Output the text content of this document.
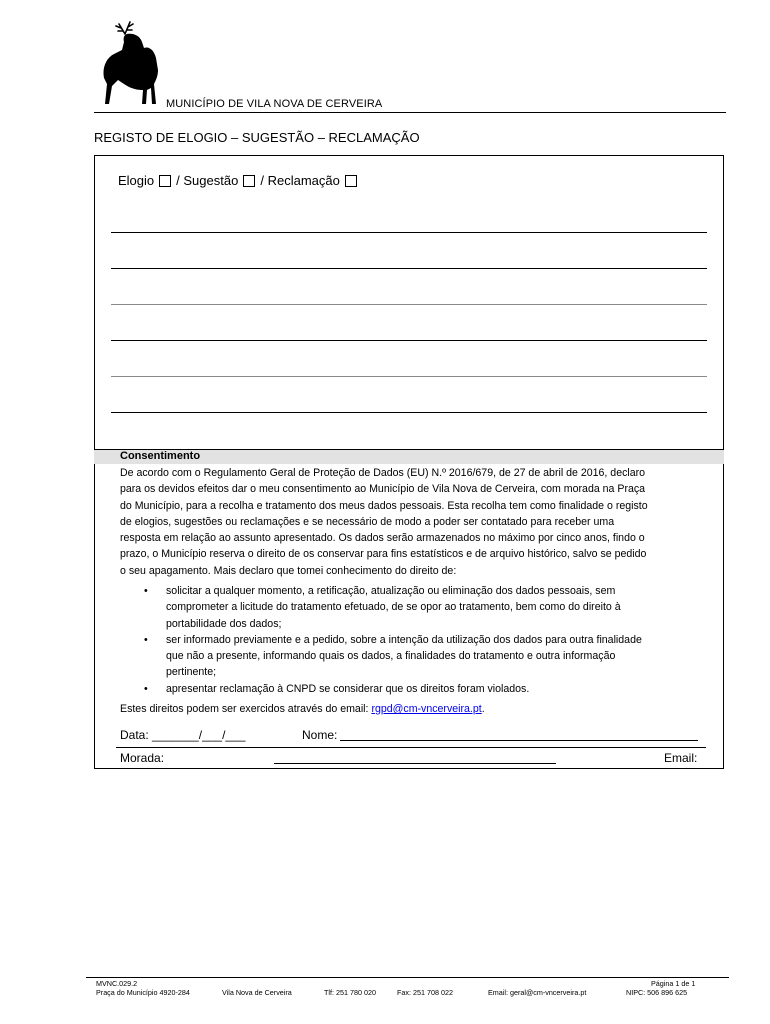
MUNICÍPIO DE VILA NOVA DE CERVEIRA
REGISTO DE ELOGIO – SUGESTÃO – RECLAMAÇÃO
Elogio /
Sugestão /
Reclamação
Consentimento
De acordo com o Regulamento Geral de Proteção de Dados (EU) N.º 2016/679, de 27 de abril de 2016, declaro
para os devidos efeitos dar o meu consentimento ao Município de Vila Nova de Cerveira, com morada na Praça
do Município, para a recolha e tratamento dos meus dados pessoais. Esta recolha tem como finalidade o registo
de elogios, sugestões ou reclamações e se necessário de modo a poder ser contatado para receber uma
resposta em relação ao assunto apresentado. Os dados serão armazenados no máximo por cinco anos, findo o
prazo, o Município reserva o direito de os conservar para fins estatísticos e de arquivo histórico, salvo se pedido
o seu apagamento. Mais declaro que tomei conhecimento do direito de:
• solicitar a qualquer momento, a retificação, atualização ou eliminação dos dados pessoais, sem
comprometer a licitude do tratamento efetuado, de se opor ao tratamento, bem como do direito à
portabilidade dos dados;
• ser informado previamente e a pedido, sobre a intenção da utilização dos dados para outra finalidade
que não a presente, informando quais os dados, a finalidades do tratamento e outra informação
pertinente;
• apresentar reclamação à CNPD se considerar que os direitos foram violados.
Estes direitos podem ser exercidos através do email: rgpd@cm-vncerveira.pt.
Data: _______/___/___	Nome:
Morada:	Email:
MVNC.029.2	Página 1 de 1
Praça do Município 4920-284	Vila Nova de Cerveira	Tlf: 251 780 020	Fax: 251 708 022	Email: geral@cm-vncerveira.pt	NIPC: 506 896 625
